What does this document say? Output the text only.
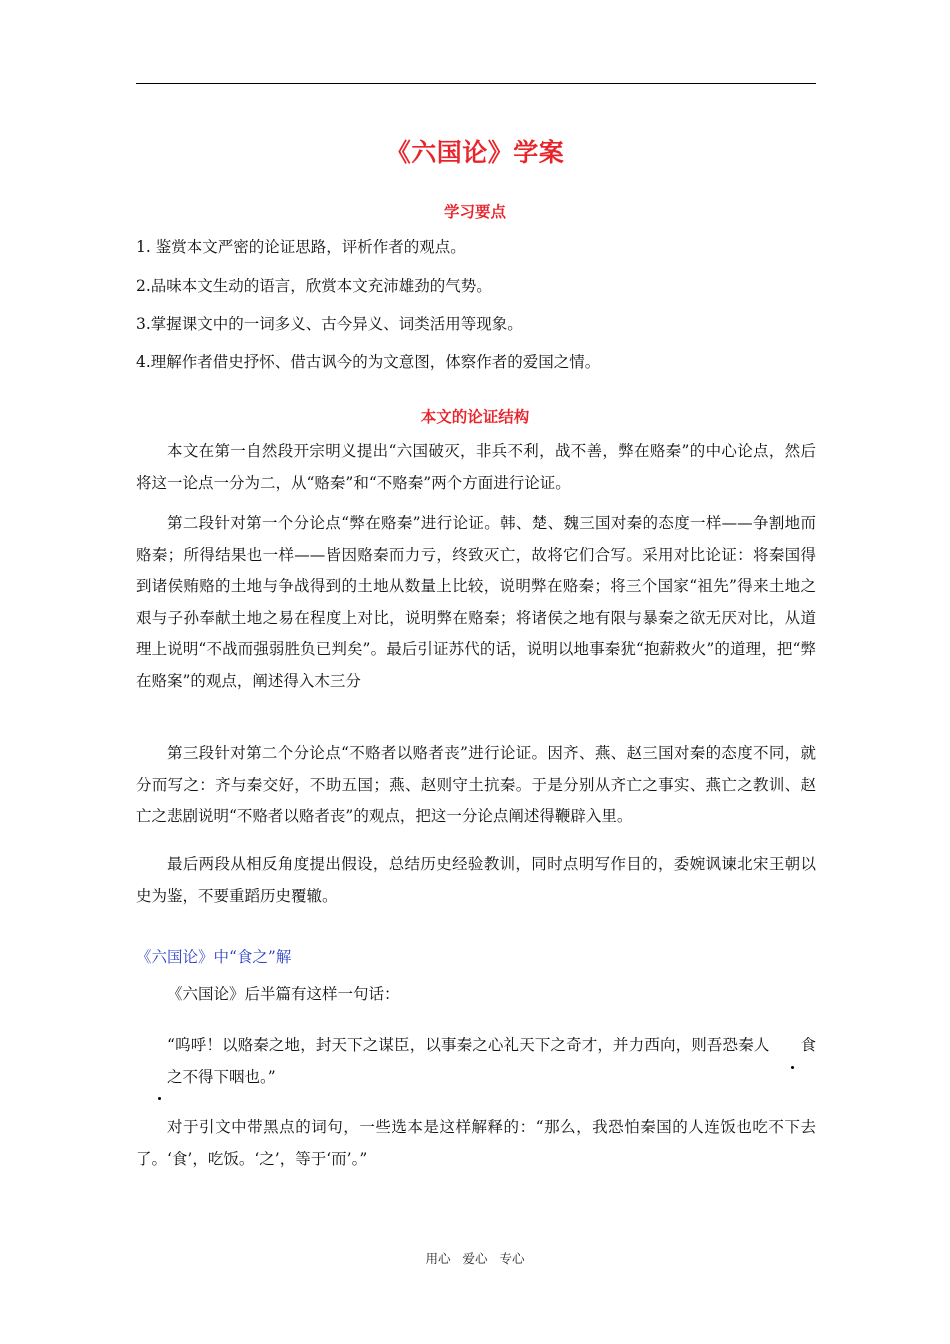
《六国论》学案
学习要点
1. 鉴赏本文严密的论证思路，评析作者的观点。
2.品味本文生动的语言，欣赏本文充沛雄劲的气势。
3.掌握课文中的一词多义、古今异义、词类活用等现象。
4.理解作者借史抒怀、借古讽今的为文意图，体察作者的爱国之情。
本文的论证结构
本文在第一自然段开宗明义提出“六国破灭，非兵不利，战不善，弊在赂秦”的中心论点，然后将这一论点一分为二，从“赂秦”和“不赂秦”两个方面进行论证。
第二段针对第一个分论点“弊在赂秦”进行论证。韩、楚、魏三国对秦的态度一样——争割地而赂秦；所得结果也一样——皆因赂秦而力亏，终致灭亡，故将它们合写。采用对比论证：将秦国得到诸侯贿赂的土地与争战得到的土地从数量上比较，说明弊在赂秦；将三个国家“祖先”得来土地之艰与子孙奉献土地之易在程度上对比，说明弊在赂秦；将诸侯之地有限与暴秦之欲无厌对比，从道理上说明“不战而强弱胜负已判矣”。最后引证苏代的话，说明以地事秦犹“抱薪救火”的道理，把“弊在赂案”的观点，阐述得入木三分
第三段针对第二个分论点“不赂者以赂者丧”进行论证。因齐、燕、赵三国对秦的态度不同，就分而写之：齐与秦交好，不助五国；燕、赵则守土抗秦。于是分别从齐亡之事实、燕亡之教训、赵亡之悲剧说明“不赂者以赂者丧”的观点，把这一分论点阐述得鞭辟入里。
最后两段从相反角度提出假设，总结历史经验教训，同时点明写作目的，委婉讽谏北宋王朝以史为鉴，不要重蹈历史覆辙。
《六国论》中“食之”解
《六国论》后半篇有这样一句话：
“呜呼！以赂秦之地，封天下之谋臣，以事秦之心礼天下之奇才，并力西向，则吾恐秦人 食之不得下咽也。”
对于引文中带黑点的词句，一些选本是这样解释的：“那么，我恐怕秦国的人连饭也吃不下去了。‘食’，吃饭。‘之’，等于‘而’。”
用心 爱心 专心
